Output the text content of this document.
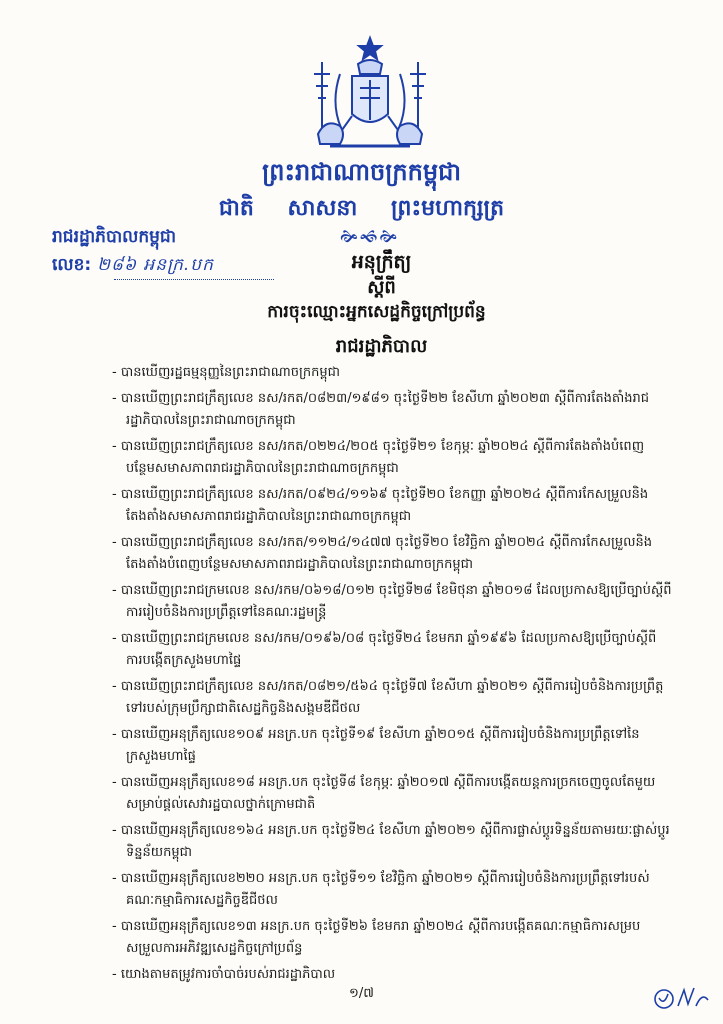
ព្រះរាជាណាចក្រកម្ពុជា
ជាតិ សាសនា ព្រះមហាក្សត្រ
🙞🙜🙞
រាជរដ្ឋាភិបាលកម្ពុជា
លេខ: ២៨៦ អនក្រ.បក	អនុក្រឹត្យ
ស្តីពី
ការចុះឈ្មោះអ្នកសេដ្ឋកិច្ចក្រៅប្រព័ន្ធ
រាជរដ្ឋាភិបាល
- បានឃើញរដ្ឋធម្មនុញ្ញនៃព្រះរាជាណាចក្រកម្ពុជា
- បានឃើញព្រះរាជក្រឹត្យលេខ នស/រកត/០៨២៣/១៩៨១ ចុះថ្ងៃទី២២ ខែសីហា ឆ្នាំ២០២៣ ស្តីពីការតែងតាំងរាជរដ្ឋាភិបាលនៃព្រះរាជាណាចក្រកម្ពុជា
- បានឃើញព្រះរាជក្រឹត្យលេខ នស/រកត/០២២៤/២០៥ ចុះថ្ងៃទី២១ ខែកុម្ភៈ ឆ្នាំ២០២៤ ស្តីពីការតែងតាំងបំពេញបន្ថែមសមាសភាពរាជរដ្ឋាភិបាលនៃព្រះរាជាណាចក្រកម្ពុជា
- បានឃើញព្រះរាជក្រឹត្យលេខ នស/រកត/០៩២៤/១១៦៩ ចុះថ្ងៃទី២០ ខែកញ្ញា ឆ្នាំ២០២៤ ស្តីពីការកែសម្រួលនិងតែងតាំងសមាសភាពរាជរដ្ឋាភិបាលនៃព្រះរាជាណាចក្រកម្ពុជា
- បានឃើញព្រះរាជក្រឹត្យលេខ នស/រកត/១១២៤/១៤៧៧ ចុះថ្ងៃទី២០ ខែវិច្ឆិកា ឆ្នាំ២០២៤ ស្តីពីការកែសម្រួលនិងតែងតាំងបំពេញបន្ថែមសមាសភាពរាជរដ្ឋាភិបាលនៃព្រះរាជាណាចក្រកម្ពុជា
- បានឃើញព្រះរាជក្រមលេខ នស/រកម/០៦១៨/០១២ ចុះថ្ងៃទី២៨ ខែមិថុនា ឆ្នាំ២០១៨ ដែលប្រកាសឱ្យប្រើច្បាប់ស្តីពីការរៀបចំនិងការប្រព្រឹត្តទៅនៃគណៈរដ្ឋមន្ត្រី
- បានឃើញព្រះរាជក្រមលេខ នស/រកម/០១៩៦/០៨ ចុះថ្ងៃទី២៤ ខែមករា ឆ្នាំ១៩៩៦ ដែលប្រកាសឱ្យប្រើច្បាប់ស្តីពីការបង្កើតក្រសួងមហាផ្ទៃ
- បានឃើញព្រះរាជក្រឹត្យលេខ នស/រកត/០៨២១/៥៦៤ ចុះថ្ងៃទី៧ ខែសីហា ឆ្នាំ២០២១ ស្តីពីការរៀបចំនិងការប្រព្រឹត្តទៅរបស់ក្រុមប្រឹក្សាជាតិសេដ្ឋកិច្ចនិងសង្គមឌីជីថល
- បានឃើញអនុក្រឹត្យលេខ១០៩ អនក្រ.បក ចុះថ្ងៃទី១៩ ខែសីហា ឆ្នាំ២០១៥ ស្តីពីការរៀបចំនិងការប្រព្រឹត្តទៅនៃក្រសួងមហាផ្ទៃ
- បានឃើញអនុក្រឹត្យលេខ១៨ អនក្រ.បក ចុះថ្ងៃទី៨ ខែកុម្ភៈ ឆ្នាំ២០១៧ ស្តីពីការបង្កើតយន្តការច្រកចេញចូលតែមួយសម្រាប់ផ្តល់សេវារដ្ឋបាលថ្នាក់ក្រោមជាតិ
- បានឃើញអនុក្រឹត្យលេខ១៦៤ អនក្រ.បក ចុះថ្ងៃទី២៤ ខែសីហា ឆ្នាំ២០២១ ស្តីពីការផ្លាស់ប្តូរទិន្នន័យតាមរយៈផ្លាស់ប្តូរទិន្នន័យកម្ពុជា
- បានឃើញអនុក្រឹត្យលេខ២២០ អនក្រ.បក ចុះថ្ងៃទី១១ ខែវិច្ឆិកា ឆ្នាំ២០២១ ស្តីពីការរៀបចំនិងការប្រព្រឹត្តទៅរបស់គណៈកម្មាធិការសេដ្ឋកិច្ចឌីជីថល
- បានឃើញអនុក្រឹត្យលេខ១៣ អនក្រ.បក ចុះថ្ងៃទី២៦ ខែមករា ឆ្នាំ២០២៤ ស្តីពីការបង្កើតគណៈកម្មាធិការសម្របសម្រួលការអភិវឌ្ឍសេដ្ឋកិច្ចក្រៅប្រព័ន្ធ
- យោងតាមតម្រូវការចាំបាច់របស់រាជរដ្ឋាភិបាល
១/៧
